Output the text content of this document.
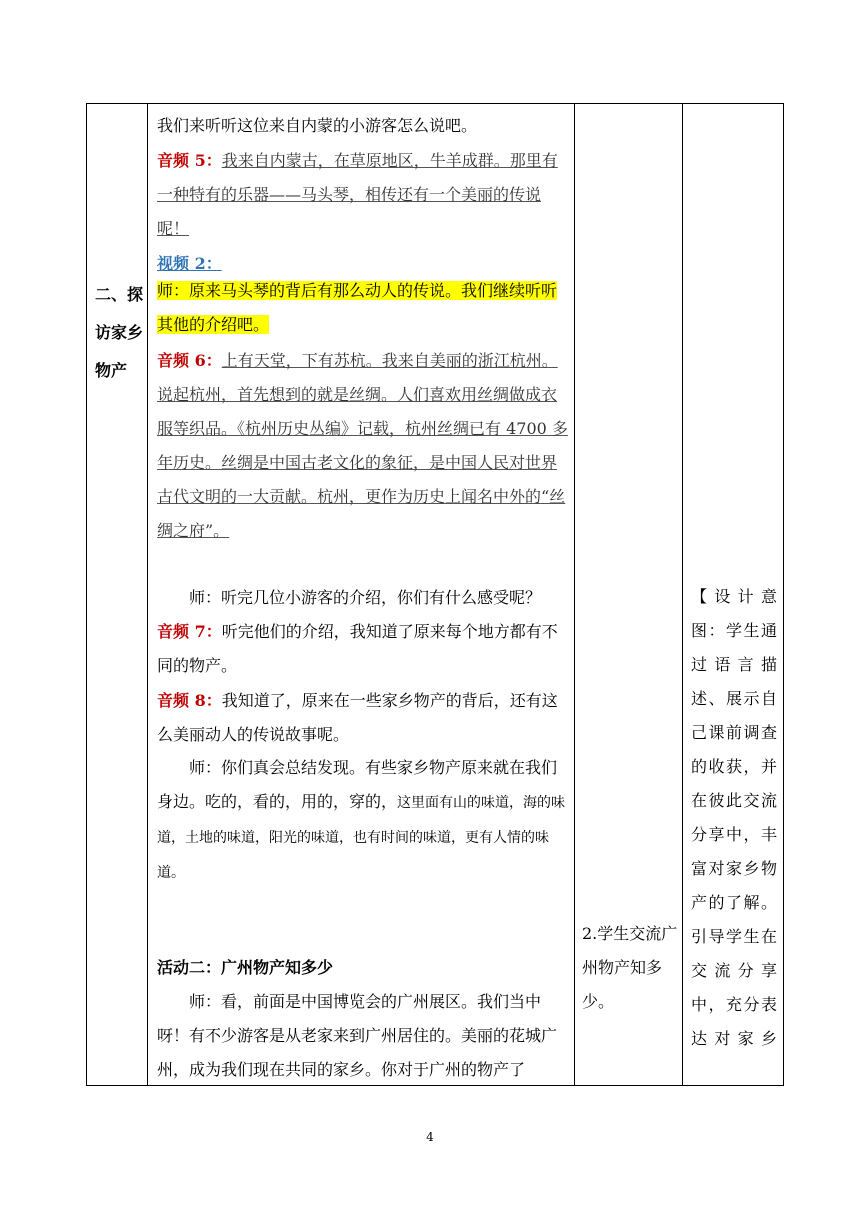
二、探访家乡物产

我们来听听这位来自内蒙的小游客怎么说吧。

音频 5：我来自内蒙古，在草原地区，牛羊成群。那里有一种特有的乐器——马头琴，相传还有一个美丽的传说呢！

视频 2：

师：原来马头琴的背后有那么动人的传说。我们继续听听其他的介绍吧。

音频 6：上有天堂，下有苏杭。我来自美丽的浙江杭州。说起杭州，首先想到的就是丝绸。人们喜欢用丝绸做成衣服等织品。《杭州历史丛编》记载，杭州丝绸已有 4700 多年历史。丝绸是中国古老文化的象征，是中国人民对世界古代文明的一大贡献。杭州，更作为历史上闻名中外的“丝绸之府”。

师：听完几位小游客的介绍，你们有什么感受呢？

音频 7：听完他们的介绍，我知道了原来每个地方都有不同的物产。

音频 8：我知道了，原来在一些家乡物产的背后，还有这么美丽动人的传说故事呢。

师：你们真会总结发现。有些家乡物产原来就在我们身边。吃的，看的，用的，穿的，这里面有山的味道，海的味道，土地的味道，阳光的味道，也有时间的味道，更有人情的味道。

活动二：广州物产知多少

师：看，前面是中国博览会的广州展区。我们当中呀！有不少游客是从老家来到广州居住的。美丽的花城广州，成为我们现在共同的家乡。你对于广州的物产了

2.学生交流广州物产知多少。

【设计意图：学生通过语言描述、展示自己课前调查的收获，并在彼此交流分享中，丰富对家乡物产的了解。引导学生在交流分享中，充分表达对家乡

4
